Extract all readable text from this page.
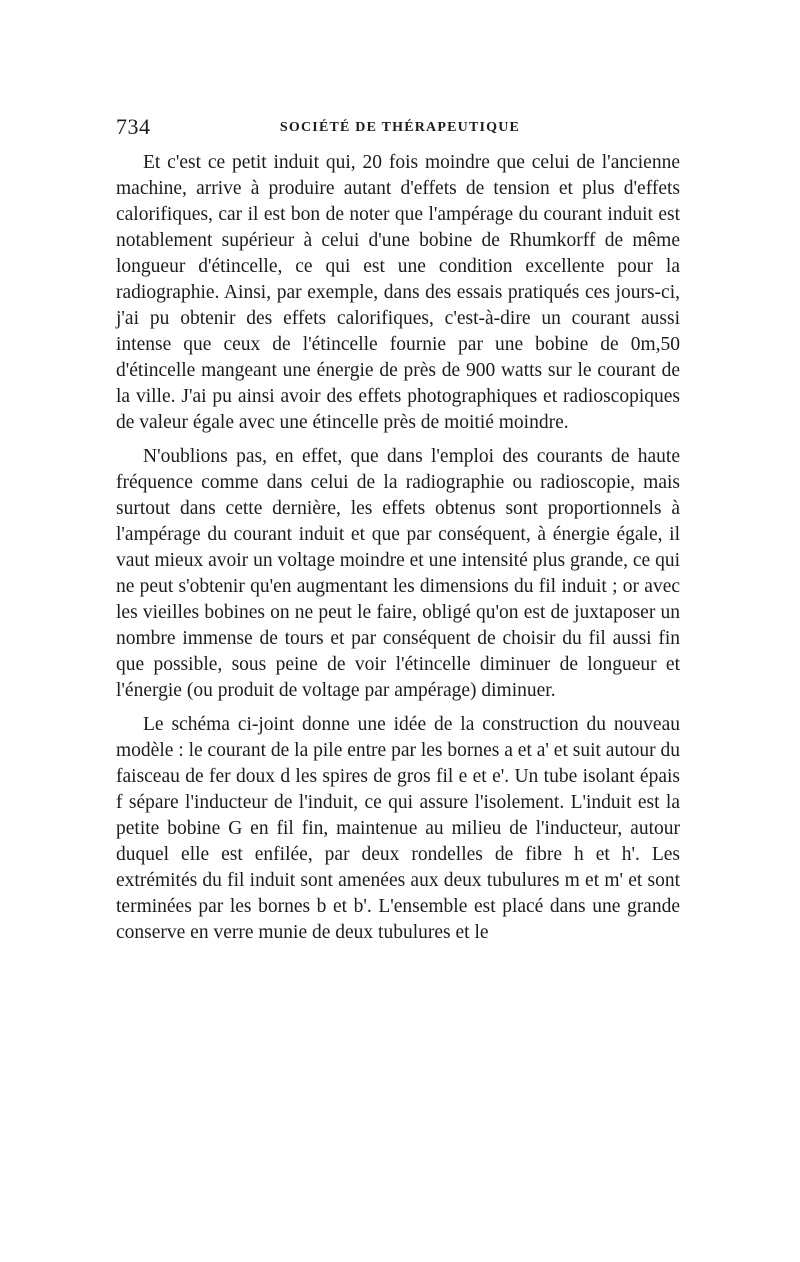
734	SOCIÉTÉ DE THÉRAPEUTIQUE

Et c'est ce petit induit qui, 20 fois moindre que celui de l'ancienne machine, arrive à produire autant d'effets de tension et plus d'effets calorifiques, car il est bon de noter que l'ampérage du courant induit est notablement supérieur à celui d'une bobine de Rhumkorff de même longueur d'étincelle, ce qui est une condition excellente pour la radiographie. Ainsi, par exemple, dans des essais pratiqués ces jours-ci, j'ai pu obtenir des effets calorifiques, c'est-à-dire un courant aussi intense que ceux de l'étincelle fournie par une bobine de 0m,50 d'étincelle mangeant une énergie de près de 900 watts sur le courant de la ville. J'ai pu ainsi avoir des effets photographiques et radioscopiques de valeur égale avec une étincelle près de moitié moindre.

N'oublions pas, en effet, que dans l'emploi des courants de haute fréquence comme dans celui de la radiographie ou radioscopie, mais surtout dans cette dernière, les effets obtenus sont proportionnels à l'ampérage du courant induit et que par conséquent, à énergie égale, il vaut mieux avoir un voltage moindre et une intensité plus grande, ce qui ne peut s'obtenir qu'en augmentant les dimensions du fil induit ; or avec les vieilles bobines on ne peut le faire, obligé qu'on est de juxtaposer un nombre immense de tours et par conséquent de choisir du fil aussi fin que possible, sous peine de voir l'étincelle diminuer de longueur et l'énergie (ou produit de voltage par ampérage) diminuer.

Le schéma ci-joint donne une idée de la construction du nouveau modèle : le courant de la pile entre par les bornes a et a' et suit autour du faisceau de fer doux d les spires de gros fil e et e'. Un tube isolant épais f sépare l'inducteur de l'induit, ce qui assure l'isolement. L'induit est la petite bobine G en fil fin, maintenue au milieu de l'inducteur, autour duquel elle est enfilée, par deux rondelles de fibre h et h'. Les extrémités du fil induit sont amenées aux deux tubulures m et m' et sont terminées par les bornes b et b'. L'ensemble est placé dans une grande conserve en verre munie de deux tubulures et le
